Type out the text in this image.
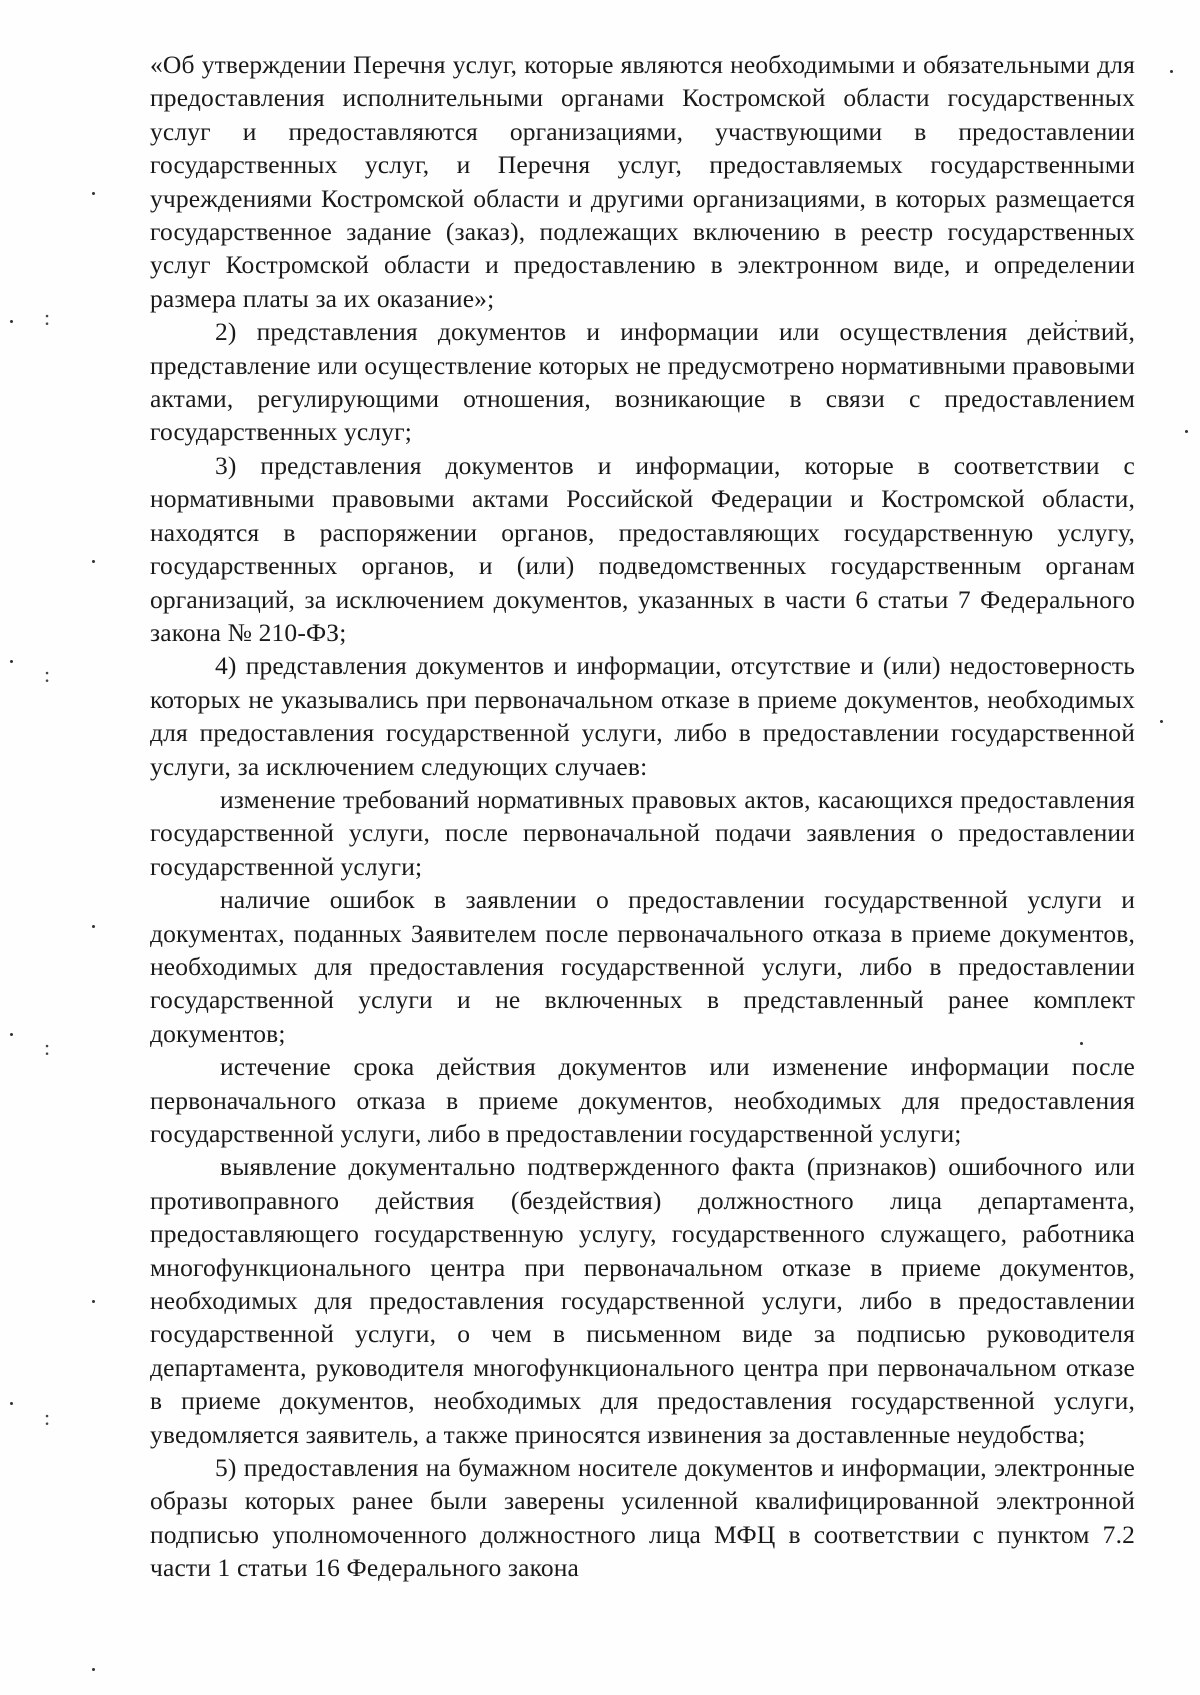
:
:
:
:

«Об утверждении Перечня услуг, которые являются необходимыми и обязательными для предоставления исполнительными органами Костромской области государственных услуг и предоставляются организациями, участвующими в предоставлении государственных услуг, и Перечня услуг, предоставляемых государственными учреждениями Костромской области и другими организациями, в которых размещается государственное задание (заказ), подлежащих включению в реестр государственных услуг Костромской области и предоставлению в электронном виде, и определении размера платы за их оказание»;

2) представления документов и информации или осуществления действий, представление или осуществление которых не предусмотрено нормативными правовыми актами, регулирующими отношения, возникающие в связи с предоставлением государственных услуг;

3) представления документов и информации, которые в соответствии с нормативными правовыми актами Российской Федерации и Костромской области, находятся в распоряжении органов, предоставляющих государственную услугу, государственных органов, и (или) подведомственных государственным органам организаций, за исключением документов, указанных в части 6 статьи 7 Федерального закона № 210-ФЗ;

4) представления документов и информации, отсутствие и (или) недостоверность которых не указывались при первоначальном отказе в приеме документов, необходимых для предоставления государственной услуги, либо в предоставлении государственной услуги, за исключением следующих случаев:

изменение требований нормативных правовых актов, касающихся предоставления государственной услуги, после первоначальной подачи заявления о предоставлении государственной услуги;

наличие ошибок в заявлении о предоставлении государственной услуги и документах, поданных Заявителем после первоначального отказа в приеме документов, необходимых для предоставления государственной услуги, либо в предоставлении государственной услуги и не включенных в представленный ранее комплект документов;

истечение срока действия документов или изменение информации после первоначального отказа в приеме документов, необходимых для предоставления государственной услуги, либо в предоставлении государственной услуги;

выявление документально подтвержденного факта (признаков) ошибочного или противоправного действия (бездействия) должностного лица департамента, предоставляющего государственную услугу, государственного служащего, работника многофункционального центра при первоначальном отказе в приеме документов, необходимых для предоставления государственной услуги, либо в предоставлении государственной услуги, о чем в письменном виде за подписью руководителя департамента, руководителя многофункционального центра при первоначальном отказе в приеме документов, необходимых для предоставления государственной услуги, уведомляется заявитель, а также приносятся извинения за доставленные неудобства;

5) предоставления на бумажном носителе документов и информации, электронные образы которых ранее были заверены усиленной квалифицированной электронной подписью уполномоченного должностного лица МФЦ в соответствии с пунктом 7.2 части 1 статьи 16 Федерального закона
